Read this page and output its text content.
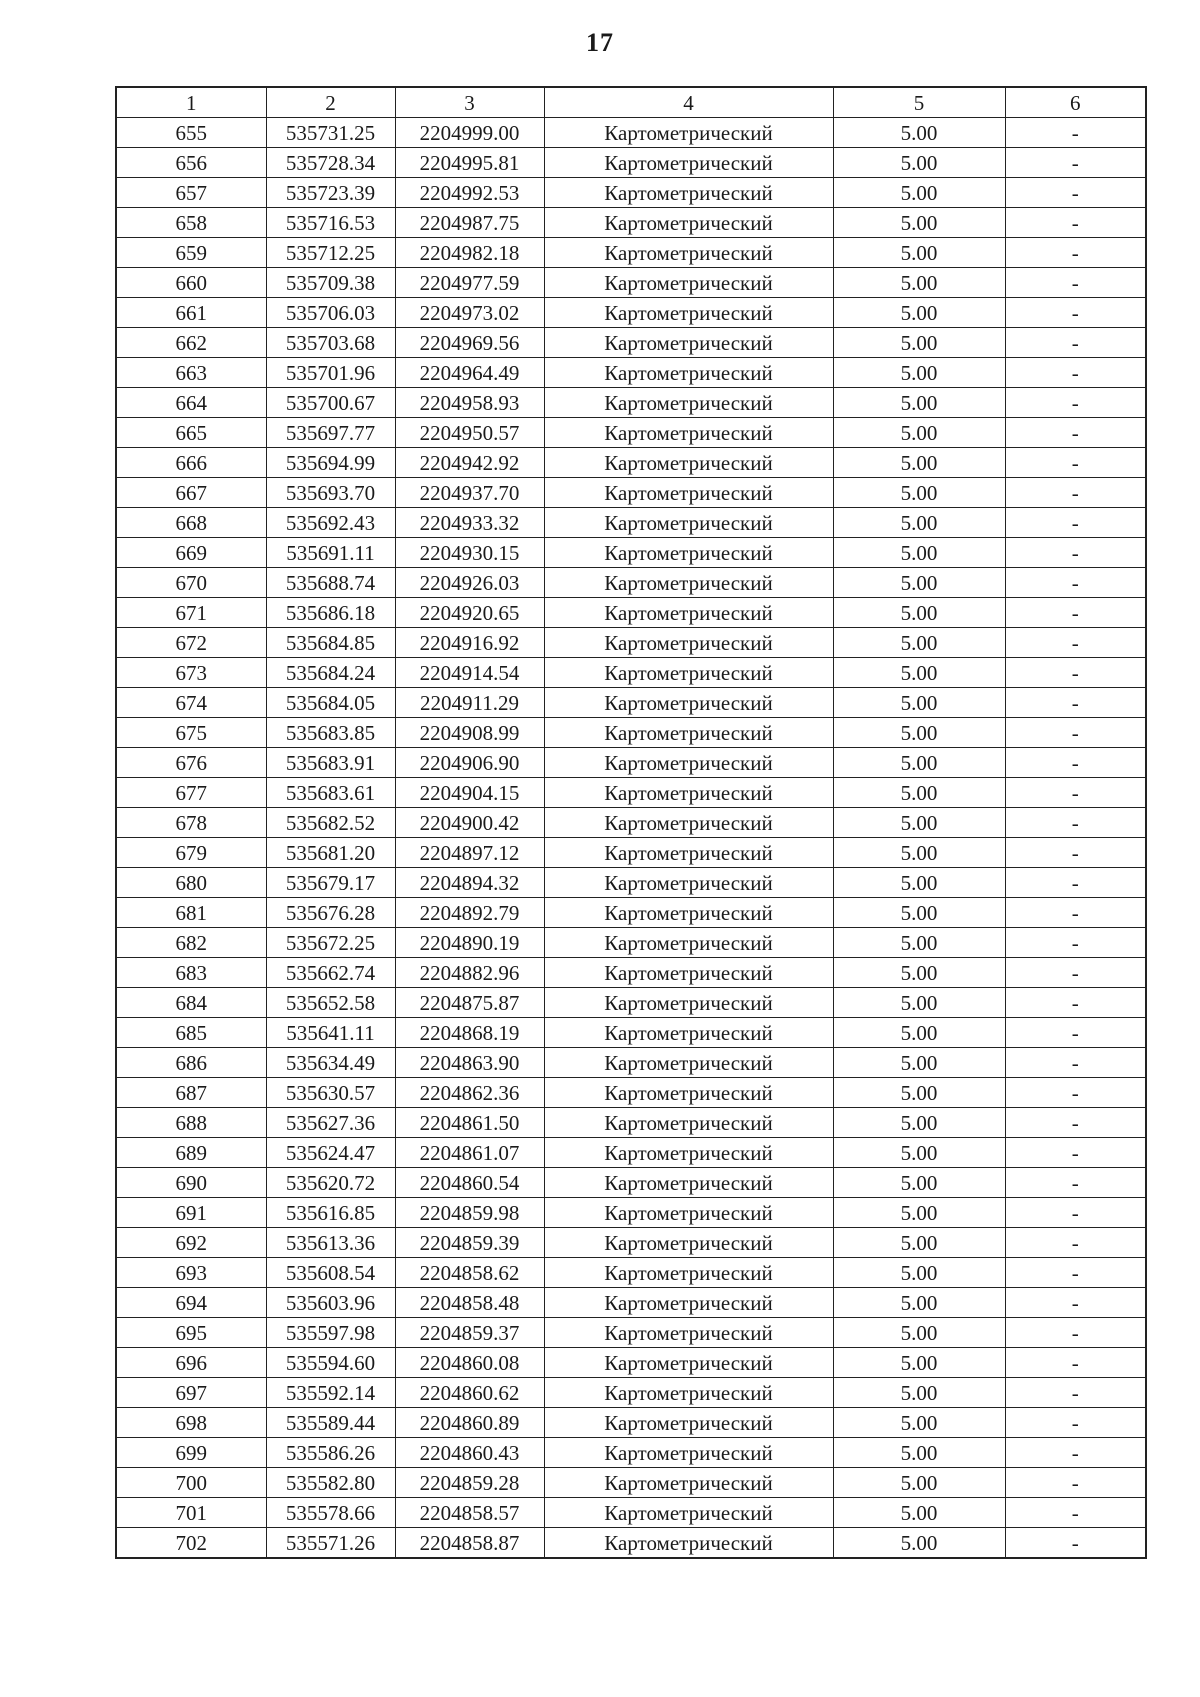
17
1	2	3	4	5	6
655	535731.25	2204999.00	Картометрический	5.00	-
656	535728.34	2204995.81	Картометрический	5.00	-
657	535723.39	2204992.53	Картометрический	5.00	-
658	535716.53	2204987.75	Картометрический	5.00	-
659	535712.25	2204982.18	Картометрический	5.00	-
660	535709.38	2204977.59	Картометрический	5.00	-
661	535706.03	2204973.02	Картометрический	5.00	-
662	535703.68	2204969.56	Картометрический	5.00	-
663	535701.96	2204964.49	Картометрический	5.00	-
664	535700.67	2204958.93	Картометрический	5.00	-
665	535697.77	2204950.57	Картометрический	5.00	-
666	535694.99	2204942.92	Картометрический	5.00	-
667	535693.70	2204937.70	Картометрический	5.00	-
668	535692.43	2204933.32	Картометрический	5.00	-
669	535691.11	2204930.15	Картометрический	5.00	-
670	535688.74	2204926.03	Картометрический	5.00	-
671	535686.18	2204920.65	Картометрический	5.00	-
672	535684.85	2204916.92	Картометрический	5.00	-
673	535684.24	2204914.54	Картометрический	5.00	-
674	535684.05	2204911.29	Картометрический	5.00	-
675	535683.85	2204908.99	Картометрический	5.00	-
676	535683.91	2204906.90	Картометрический	5.00	-
677	535683.61	2204904.15	Картометрический	5.00	-
678	535682.52	2204900.42	Картометрический	5.00	-
679	535681.20	2204897.12	Картометрический	5.00	-
680	535679.17	2204894.32	Картометрический	5.00	-
681	535676.28	2204892.79	Картометрический	5.00	-
682	535672.25	2204890.19	Картометрический	5.00	-
683	535662.74	2204882.96	Картометрический	5.00	-
684	535652.58	2204875.87	Картометрический	5.00	-
685	535641.11	2204868.19	Картометрический	5.00	-
686	535634.49	2204863.90	Картометрический	5.00	-
687	535630.57	2204862.36	Картометрический	5.00	-
688	535627.36	2204861.50	Картометрический	5.00	-
689	535624.47	2204861.07	Картометрический	5.00	-
690	535620.72	2204860.54	Картометрический	5.00	-
691	535616.85	2204859.98	Картометрический	5.00	-
692	535613.36	2204859.39	Картометрический	5.00	-
693	535608.54	2204858.62	Картометрический	5.00	-
694	535603.96	2204858.48	Картометрический	5.00	-
695	535597.98	2204859.37	Картометрический	5.00	-
696	535594.60	2204860.08	Картометрический	5.00	-
697	535592.14	2204860.62	Картометрический	5.00	-
698	535589.44	2204860.89	Картометрический	5.00	-
699	535586.26	2204860.43	Картометрический	5.00	-
700	535582.80	2204859.28	Картометрический	5.00	-
701	535578.66	2204858.57	Картометрический	5.00	-
702	535571.26	2204858.87	Картометрический	5.00	-
